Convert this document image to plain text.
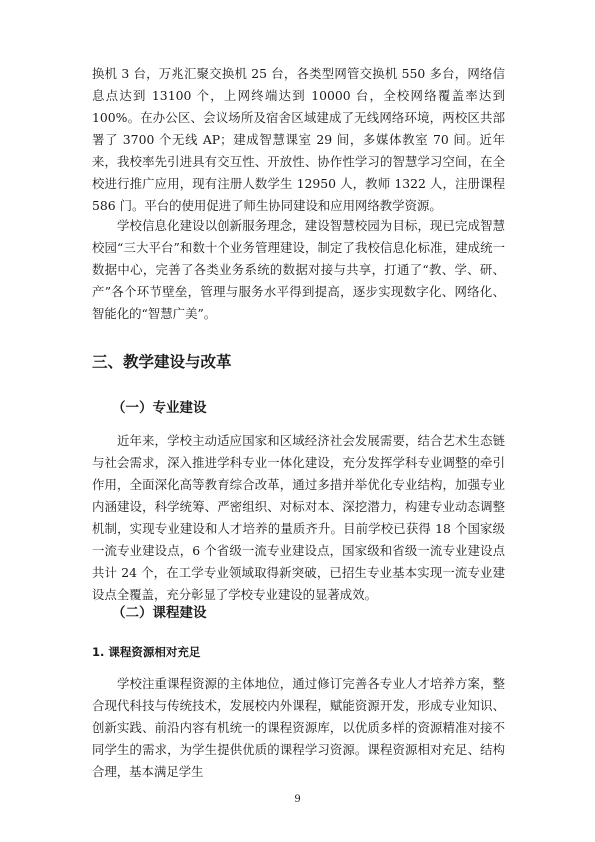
换机 3 台，万兆汇聚交换机 25 台，各类型网管交换机 550 多台，网络信息点达到 13100 个，上网终端达到 10000 台，全校网络覆盖率达到 100%。在办公区、会议场所及宿舍区域建成了无线网络环境，两校区共部署了 3700 个无线 AP；建成智慧课室 29 间，多媒体教室 70 间。近年来，我校率先引进具有交互性、开放性、协作性学习的智慧学习空间，在全校进行推广应用，现有注册人数学生 12950 人，教师 1322 人，注册课程 586 门。平台的使用促进了师生协同建设和应用网络教学资源。

学校信息化建设以创新服务理念，建设智慧校园为目标，现已完成智慧校园“三大平台”和数十个业务管理建设，制定了我校信息化标准，建成统一数据中心，完善了各类业务系统的数据对接与共享，打通了“教、学、研、产”各个环节壁垒，管理与服务水平得到提高，逐步实现数字化、网络化、智能化的“智慧广美”。

三、教学建设与改革
（一）专业建设

近年来，学校主动适应国家和区域经济社会发展需要，结合艺术生态链与社会需求，深入推进学科专业一体化建设，充分发挥学科专业调整的牵引作用，全面深化高等教育综合改革，通过多措并举优化专业结构，加强专业内涵建设，科学统筹、严密组织、对标对本、深挖潜力，构建专业动态调整机制，实现专业建设和人才培养的量质齐升。目前学校已获得 18 个国家级一流专业建设点，6 个省级一流专业建设点，国家级和省级一流专业建设点共计 24 个，在工学专业领域取得新突破，已招生专业基本实现一流专业建设点全覆盖，充分彰显了学校专业建设的显著成效。

（二）课程建设
1. 课程资源相对充足

学校注重课程资源的主体地位，通过修订完善各专业人才培养方案，整合现代科技与传统技术，发展校内外课程，赋能资源开发，形成专业知识、创新实践、前沿内容有机统一的课程资源库，以优质多样的资源精准对接不同学生的需求，为学生提供优质的课程学习资源。课程资源相对充足、结构合理，基本满足学生

9
